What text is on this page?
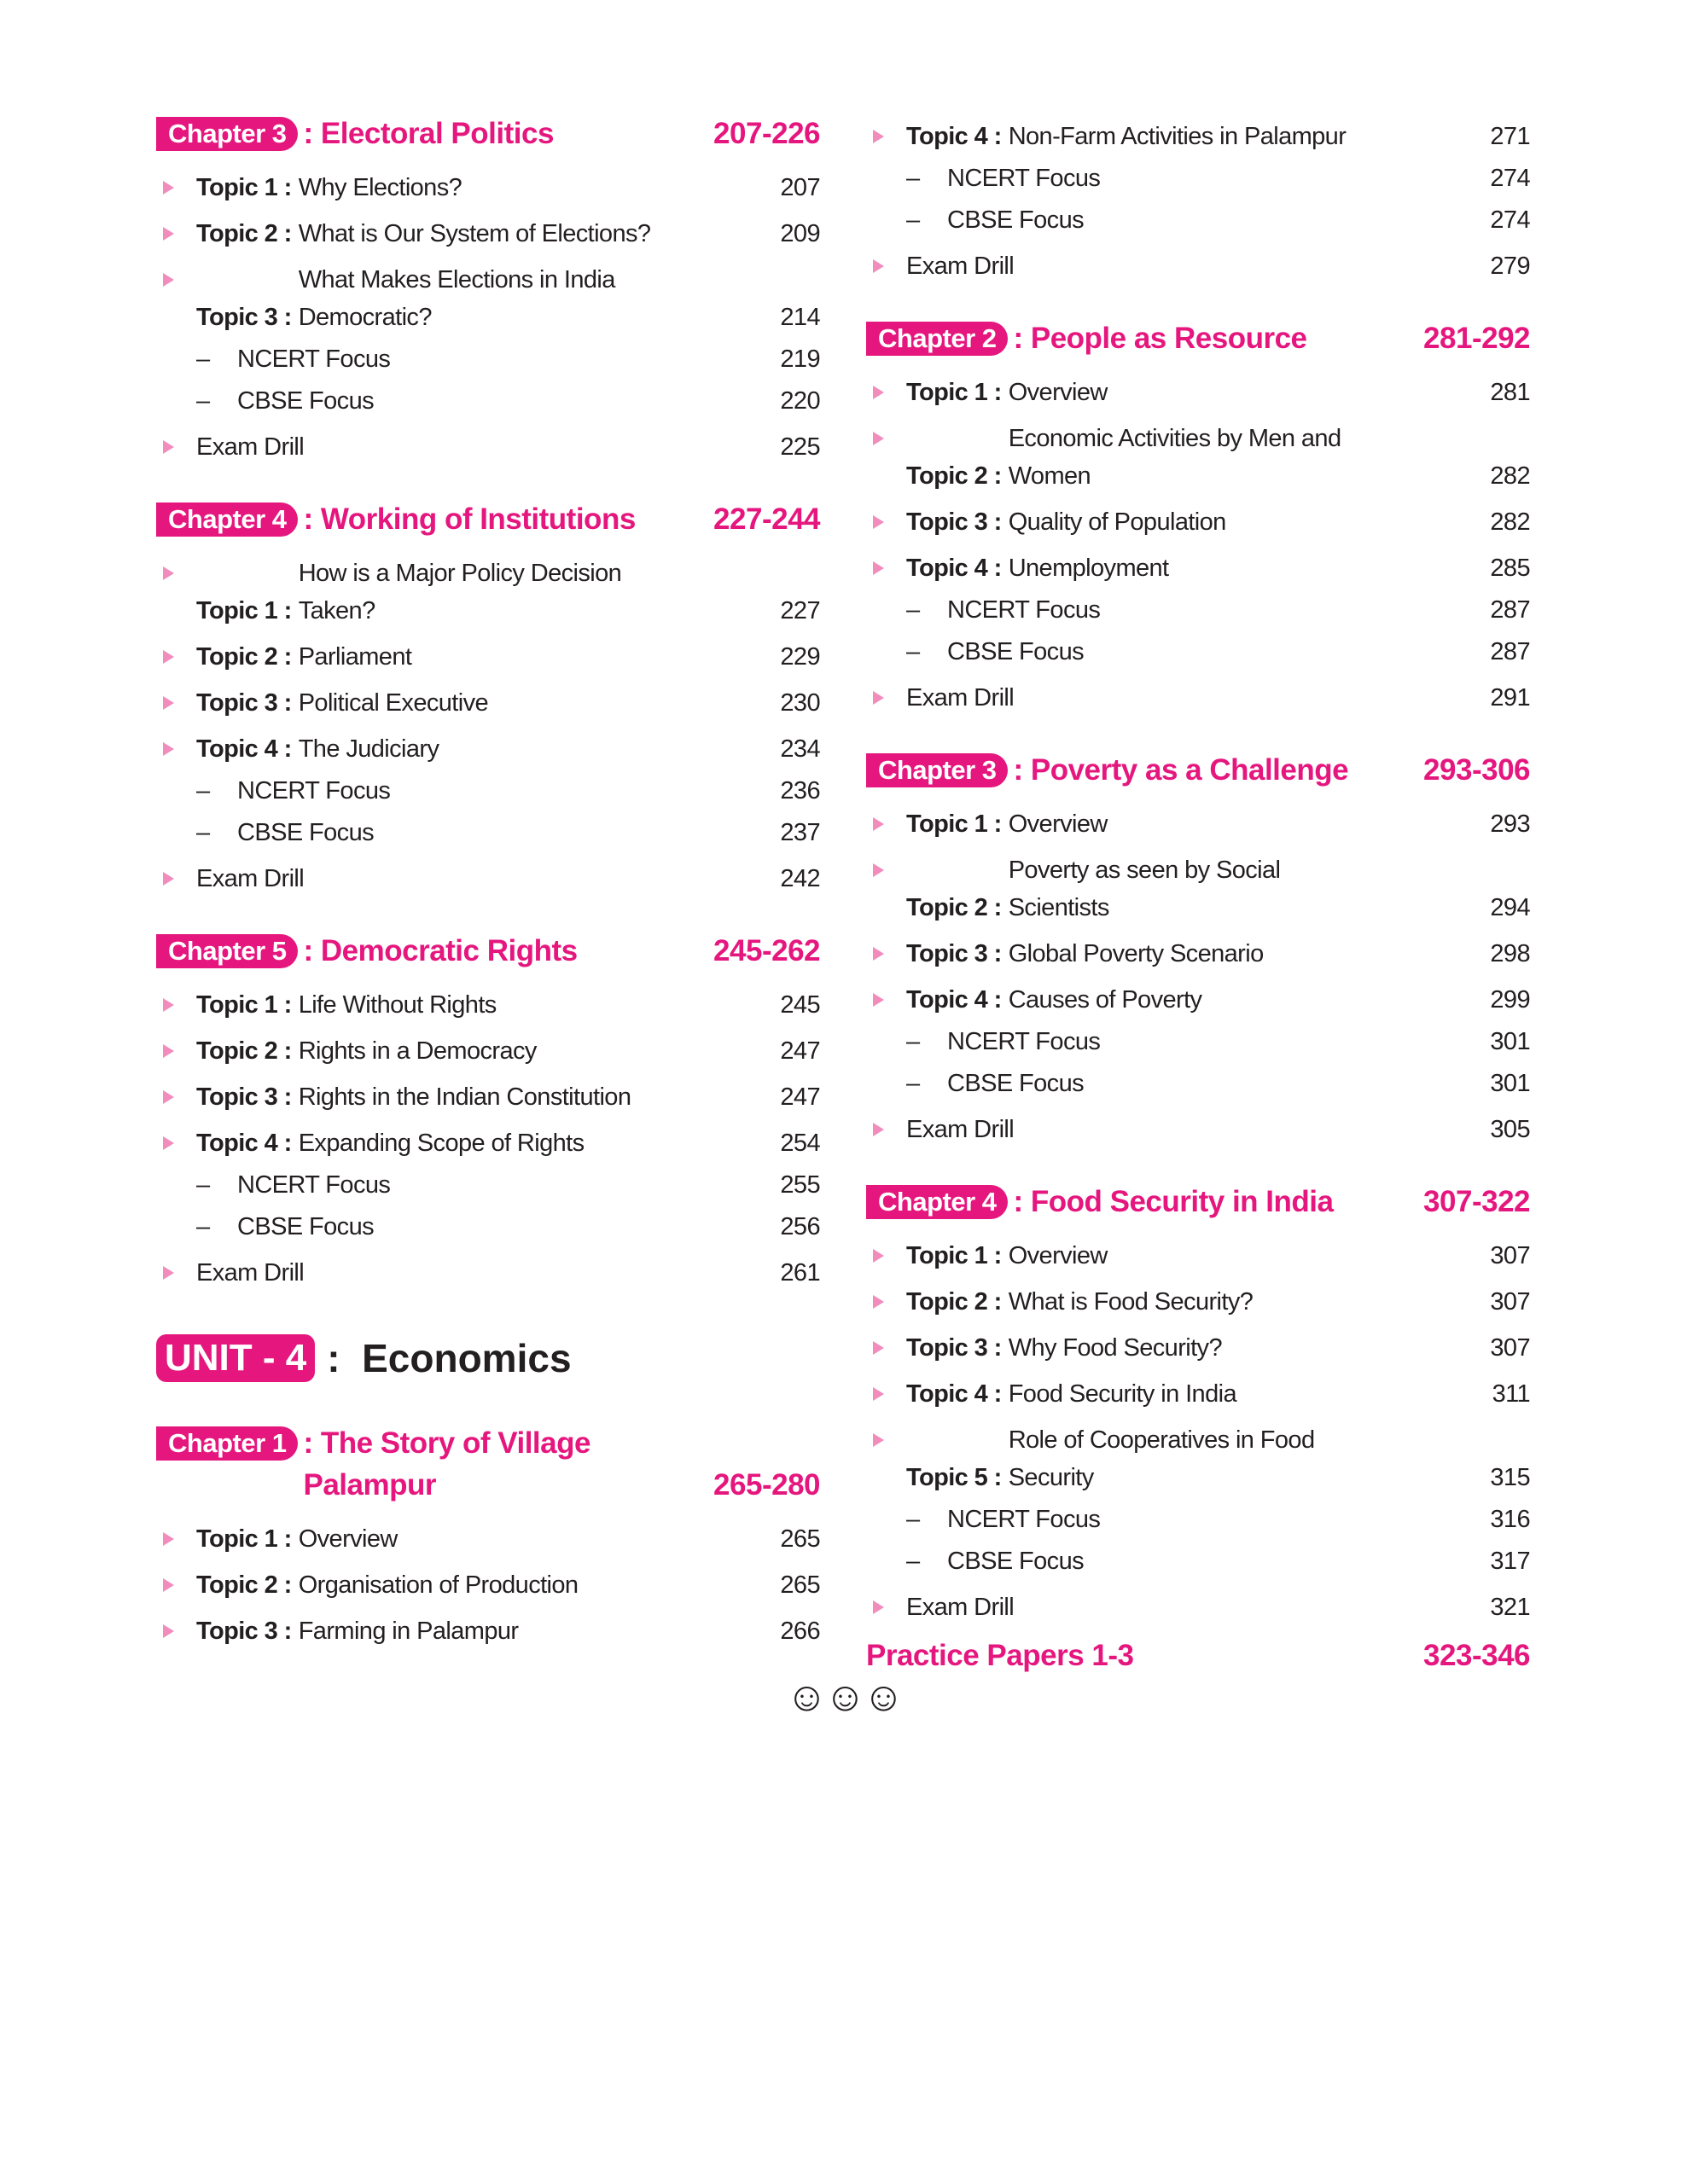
Chapter 3 : Electoral Politics	207-226
Topic 1 : Why Elections?	207
Topic 2 : What is Our System of Elections?	209
Topic 3 :
What Makes Elections in India
Democratic?	214
– NCERT Focus	219
– CBSE Focus	220
Exam Drill	225
Chapter 4 : Working of Institutions	227-244
Topic 1 :
How is a Major Policy Decision
Taken?	227
Topic 2 : Parliament	229
Topic 3 : Political Executive	230
Topic 4 : The Judiciary	234
– NCERT Focus	236
– CBSE Focus	237
Exam Drill	242
Chapter 5 : Democratic Rights	245-262
Topic 1 : Life Without Rights	245
Topic 2 : Rights in a Democracy	247
Topic 3 : Rights in the Indian Constitution	247
Topic 4 : Expanding Scope of Rights	254
– NCERT Focus	255
– CBSE Focus	256
Exam Drill	261
UNIT - 4 :  Economics
Chapter 1 : The Story of Village
Palampur	265-280
Topic 1 : Overview	265
Topic 2 : Organisation of Production	265
Topic 3 : Farming in Palampur	266
Topic 4 : Non-Farm Activities in Palampur	271
– NCERT Focus	274
– CBSE Focus	274
Exam Drill	279
Chapter 2 : People as Resource	281-292
Topic 1 : Overview	281
Topic 2 :
Economic Activities by Men and
Women	282
Topic 3 : Quality of Population	282
Topic 4 : Unemployment	285
– NCERT Focus	287
– CBSE Focus	287
Exam Drill	291
Chapter 3 : Poverty as a Challenge	293-306
Topic 1 : Overview	293
Topic 2 :
Poverty as seen by Social
Scientists	294
Topic 3 : Global Poverty Scenario	298
Topic 4 : Causes of Poverty	299
– NCERT Focus	301
– CBSE Focus	301
Exam Drill	305
Chapter 4 : Food Security in India	307-322
Topic 1 : Overview	307
Topic 2 : What is Food Security?	307
Topic 3 : Why Food Security?	307
Topic 4 : Food Security in India	311
Topic 5 :
Role of Cooperatives in Food
Security	315
– NCERT Focus	316
– CBSE Focus	317
Exam Drill	321
Practice Papers 1-3	323-346
☺☺☺
